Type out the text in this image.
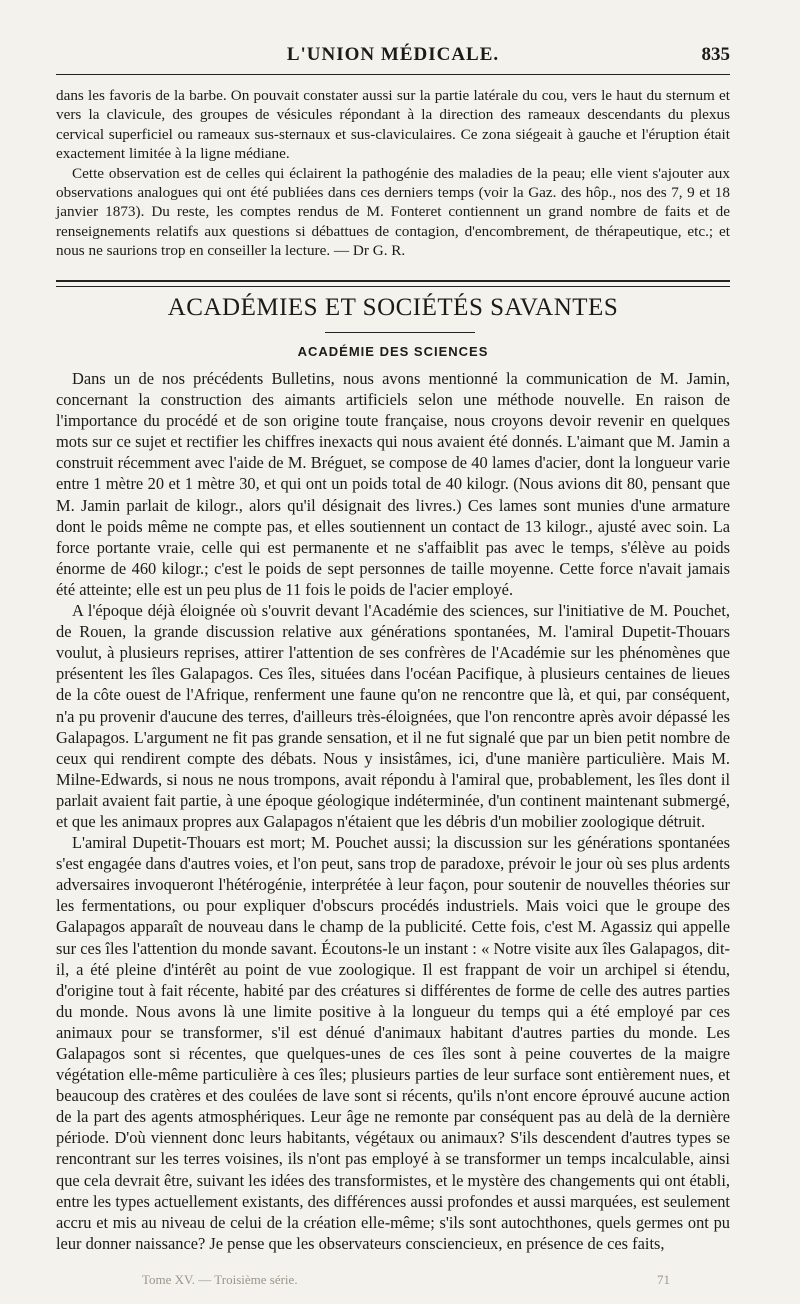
L'UNION MÉDICALE.	835

dans les favoris de la barbe. On pouvait constater aussi sur la partie latérale du cou, vers le haut du sternum et vers la clavicule, des groupes de vésicules répondant à la direction des rameaux descendants du plexus cervical superficiel ou rameaux sus-sternaux et sus-claviculaires. Ce zona siégeait à gauche et l'éruption était exactement limitée à la ligne médiane.

Cette observation est de celles qui éclairent la pathogénie des maladies de la peau; elle vient s'ajouter aux observations analogues qui ont été publiées dans ces derniers temps (voir la Gaz. des hôp., nos des 7, 9 et 18 janvier 1873). Du reste, les comptes rendus de M. Fonteret contiennent un grand nombre de faits et de renseignements relatifs aux questions si débattues de contagion, d'encombrement, de thérapeutique, etc.; et nous ne saurions trop en conseiller la lecture. — Dr G. R.

ACADÉMIES ET SOCIÉTÉS SAVANTES
ACADÉMIE DES SCIENCES

Dans un de nos précédents Bulletins, nous avons mentionné la communication de M. Jamin, concernant la construction des aimants artificiels selon une méthode nouvelle. En raison de l'importance du procédé et de son origine toute française, nous croyons devoir revenir en quelques mots sur ce sujet et rectifier les chiffres inexacts qui nous avaient été donnés. L'aimant que M. Jamin a construit récemment avec l'aide de M. Bréguet, se compose de 40 lames d'acier, dont la longueur varie entre 1 mètre 20 et 1 mètre 30, et qui ont un poids total de 40 kilogr. (Nous avions dit 80, pensant que M. Jamin parlait de kilogr., alors qu'il désignait des livres.) Ces lames sont munies d'une armature dont le poids même ne compte pas, et elles soutiennent un contact de 13 kilogr., ajusté avec soin. La force portante vraie, celle qui est permanente et ne s'affaiblit pas avec le temps, s'élève au poids énorme de 460 kilogr.; c'est le poids de sept personnes de taille moyenne. Cette force n'avait jamais été atteinte; elle est un peu plus de 11 fois le poids de l'acier employé.

A l'époque déjà éloignée où s'ouvrit devant l'Académie des sciences, sur l'initiative de M. Pouchet, de Rouen, la grande discussion relative aux générations spontanées, M. l'amiral Dupetit-Thouars voulut, à plusieurs reprises, attirer l'attention de ses confrères de l'Académie sur les phénomènes que présentent les îles Galapagos. Ces îles, situées dans l'océan Pacifique, à plusieurs centaines de lieues de la côte ouest de l'Afrique, renferment une faune qu'on ne rencontre que là, et qui, par conséquent, n'a pu provenir d'aucune des terres, d'ailleurs très-éloignées, que l'on rencontre après avoir dépassé les Galapagos. L'argument ne fit pas grande sensation, et il ne fut signalé que par un bien petit nombre de ceux qui rendirent compte des débats. Nous y insistâmes, ici, d'une manière particulière. Mais M. Milne-Edwards, si nous ne nous trompons, avait répondu à l'amiral que, probablement, les îles dont il parlait avaient fait partie, à une époque géologique indéterminée, d'un continent maintenant submergé, et que les animaux propres aux Galapagos n'étaient que les débris d'un mobilier zoologique détruit.

L'amiral Dupetit-Thouars est mort; M. Pouchet aussi; la discussion sur les générations spontanées s'est engagée dans d'autres voies, et l'on peut, sans trop de paradoxe, prévoir le jour où ses plus ardents adversaires invoqueront l'hétérogénie, interprétée à leur façon, pour soutenir de nouvelles théories sur les fermentations, ou pour expliquer d'obscurs procédés industriels. Mais voici que le groupe des Galapagos apparaît de nouveau dans le champ de la publicité. Cette fois, c'est M. Agassiz qui appelle sur ces îles l'attention du monde savant. Écoutons-le un instant : « Notre visite aux îles Galapagos, dit-il, a été pleine d'intérêt au point de vue zoologique. Il est frappant de voir un archipel si étendu, d'origine tout à fait récente, habité par des créatures si différentes de forme de celle des autres parties du monde. Nous avons là une limite positive à la longueur du temps qui a été employé par ces animaux pour se transformer, s'il est dénué d'animaux habitant d'autres parties du monde. Les Galapagos sont si récentes, que quelques-unes de ces îles sont à peine couvertes de la maigre végétation elle-même particulière à ces îles; plusieurs parties de leur surface sont entièrement nues, et beaucoup des cratères et des coulées de lave sont si récents, qu'ils n'ont encore éprouvé aucune action de la part des agents atmosphériques. Leur âge ne remonte par conséquent pas au delà de la dernière période. D'où viennent donc leurs habitants, végétaux ou animaux? S'ils descendent d'autres types se rencontrant sur les terres voisines, ils n'ont pas employé à se transformer un temps incalculable, ainsi que cela devrait être, suivant les idées des transformistes, et le mystère des changements qui ont établi, entre les types actuellement existants, des différences aussi profondes et aussi marquées, est seulement accru et mis au niveau de celui de la création elle-même; s'ils sont autochthones, quels germes ont pu leur donner naissance? Je pense que les observateurs consciencieux, en présence de ces faits,

Tome XV. — Troisième série.	71
